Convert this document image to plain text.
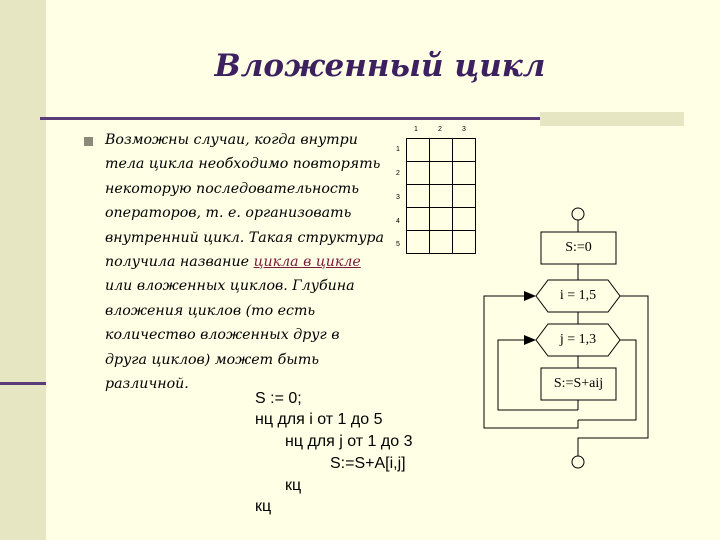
Вложенный цикл
Возможны случаи, когда внутри тела цикла необходимо повторять некоторую последовательность операторов, т. е. организовать внутренний цикл. Такая структура получила название цикла в цикле или вложенных циклов. Глубина вложения циклов (то есть количество вложенных друг в друга циклов) может быть различной.
S := 0;
нц для i от 1 до 5
нц для j от 1 до 3
S:=S+A[i,j]
кц
кц

1	2	3
1
2
3
4
5	S:=0
i = 1,5
j = 1,3
S:=S+aij
